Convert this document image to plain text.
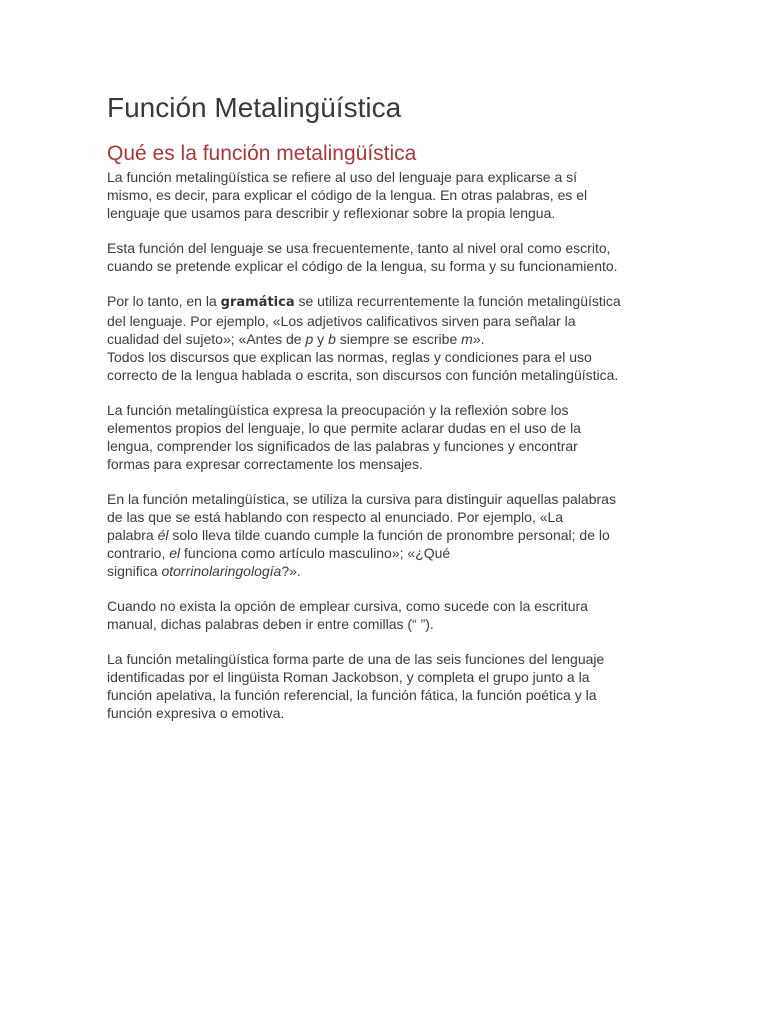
Función Metalingüística
Qué es la función metalingüística

La función metalingüística se refiere al uso del lenguaje para explicarse a sí
mismo, es decir, para explicar el código de la lengua. En otras palabras, es el
lenguaje que usamos para describir y reflexionar sobre la propia lengua.

Esta función del lenguaje se usa frecuentemente, tanto al nivel oral como escrito,
cuando se pretende explicar el código de la lengua, su forma y su funcionamiento.

Por lo tanto, en la gramática se utiliza recurrentemente la función metalingüística
del lenguaje. Por ejemplo, «Los adjetivos calificativos sirven para señalar la
cualidad del sujeto»; «Antes de p y b siempre se escribe m».
Todos los discursos que explican las normas, reglas y condiciones para el uso
correcto de la lengua hablada o escrita, son discursos con función metalingüística.

La función metalingüística expresa la preocupación y la reflexión sobre los
elementos propios del lenguaje, lo que permite aclarar dudas en el uso de la
lengua, comprender los significados de las palabras y funciones y encontrar
formas para expresar correctamente los mensajes.

En la función metalingüística, se utiliza la cursiva para distinguir aquellas palabras
de las que se está hablando con respecto al enunciado. Por ejemplo, «La
palabra él solo lleva tilde cuando cumple la función de pronombre personal; de lo
contrario, el funciona como artículo masculino»; «¿Qué
significa otorrinolaringología?».

Cuando no exista la opción de emplear cursiva, como sucede con la escritura
manual, dichas palabras deben ir entre comillas (“ ”).

La función metalingüística forma parte de una de las seis funciones del lenguaje
identificadas por el lingüista Roman Jackobson, y completa el grupo junto a la
función apelativa, la función referencial, la función fática, la función poética y la
función expresiva o emotiva.
